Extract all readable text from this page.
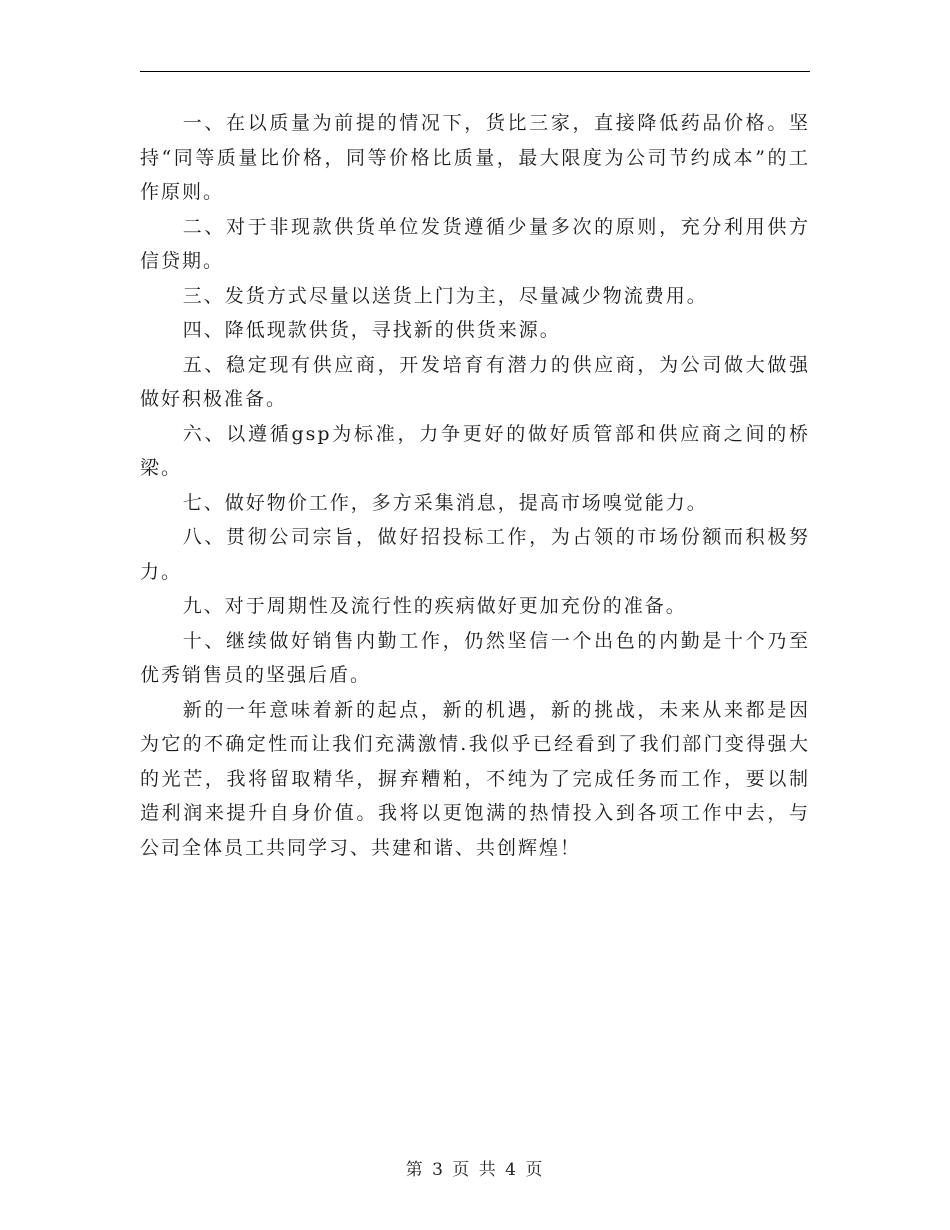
一、在以质量为前提的情况下，货比三家，直接降低药品价格。坚持“同等质量比价格，同等价格比质量，最大限度为公司节约成本”的工作原则。

二、对于非现款供货单位发货遵循少量多次的原则，充分利用供方信贷期。

三、发货方式尽量以送货上门为主，尽量减少物流费用。

四、降低现款供货，寻找新的供货来源。

五、稳定现有供应商，开发培育有潜力的供应商，为公司做大做强做好积极准备。

六、以遵循gsp为标准，力争更好的做好质管部和供应商之间的桥梁。

七、做好物价工作，多方采集消息，提高市场嗅觉能力。

八、贯彻公司宗旨，做好招投标工作，为占领的市场份额而积极努力。

九、对于周期性及流行性的疾病做好更加充份的准备。

十、继续做好销售内勤工作，仍然坚信一个出色的内勤是十个乃至优秀销售员的坚强后盾。

新的一年意味着新的起点，新的机遇，新的挑战，未来从来都是因为它的不确定性而让我们充满激情.我似乎已经看到了我们部门变得强大的光芒，我将留取精华，摒弃糟粕，不纯为了完成任务而工作，要以制造利润来提升自身价值。我将以更饱满的热情投入到各项工作中去，与公司全体员工共同学习、共建和谐、共创辉煌！

第 3 页 共 4 页
